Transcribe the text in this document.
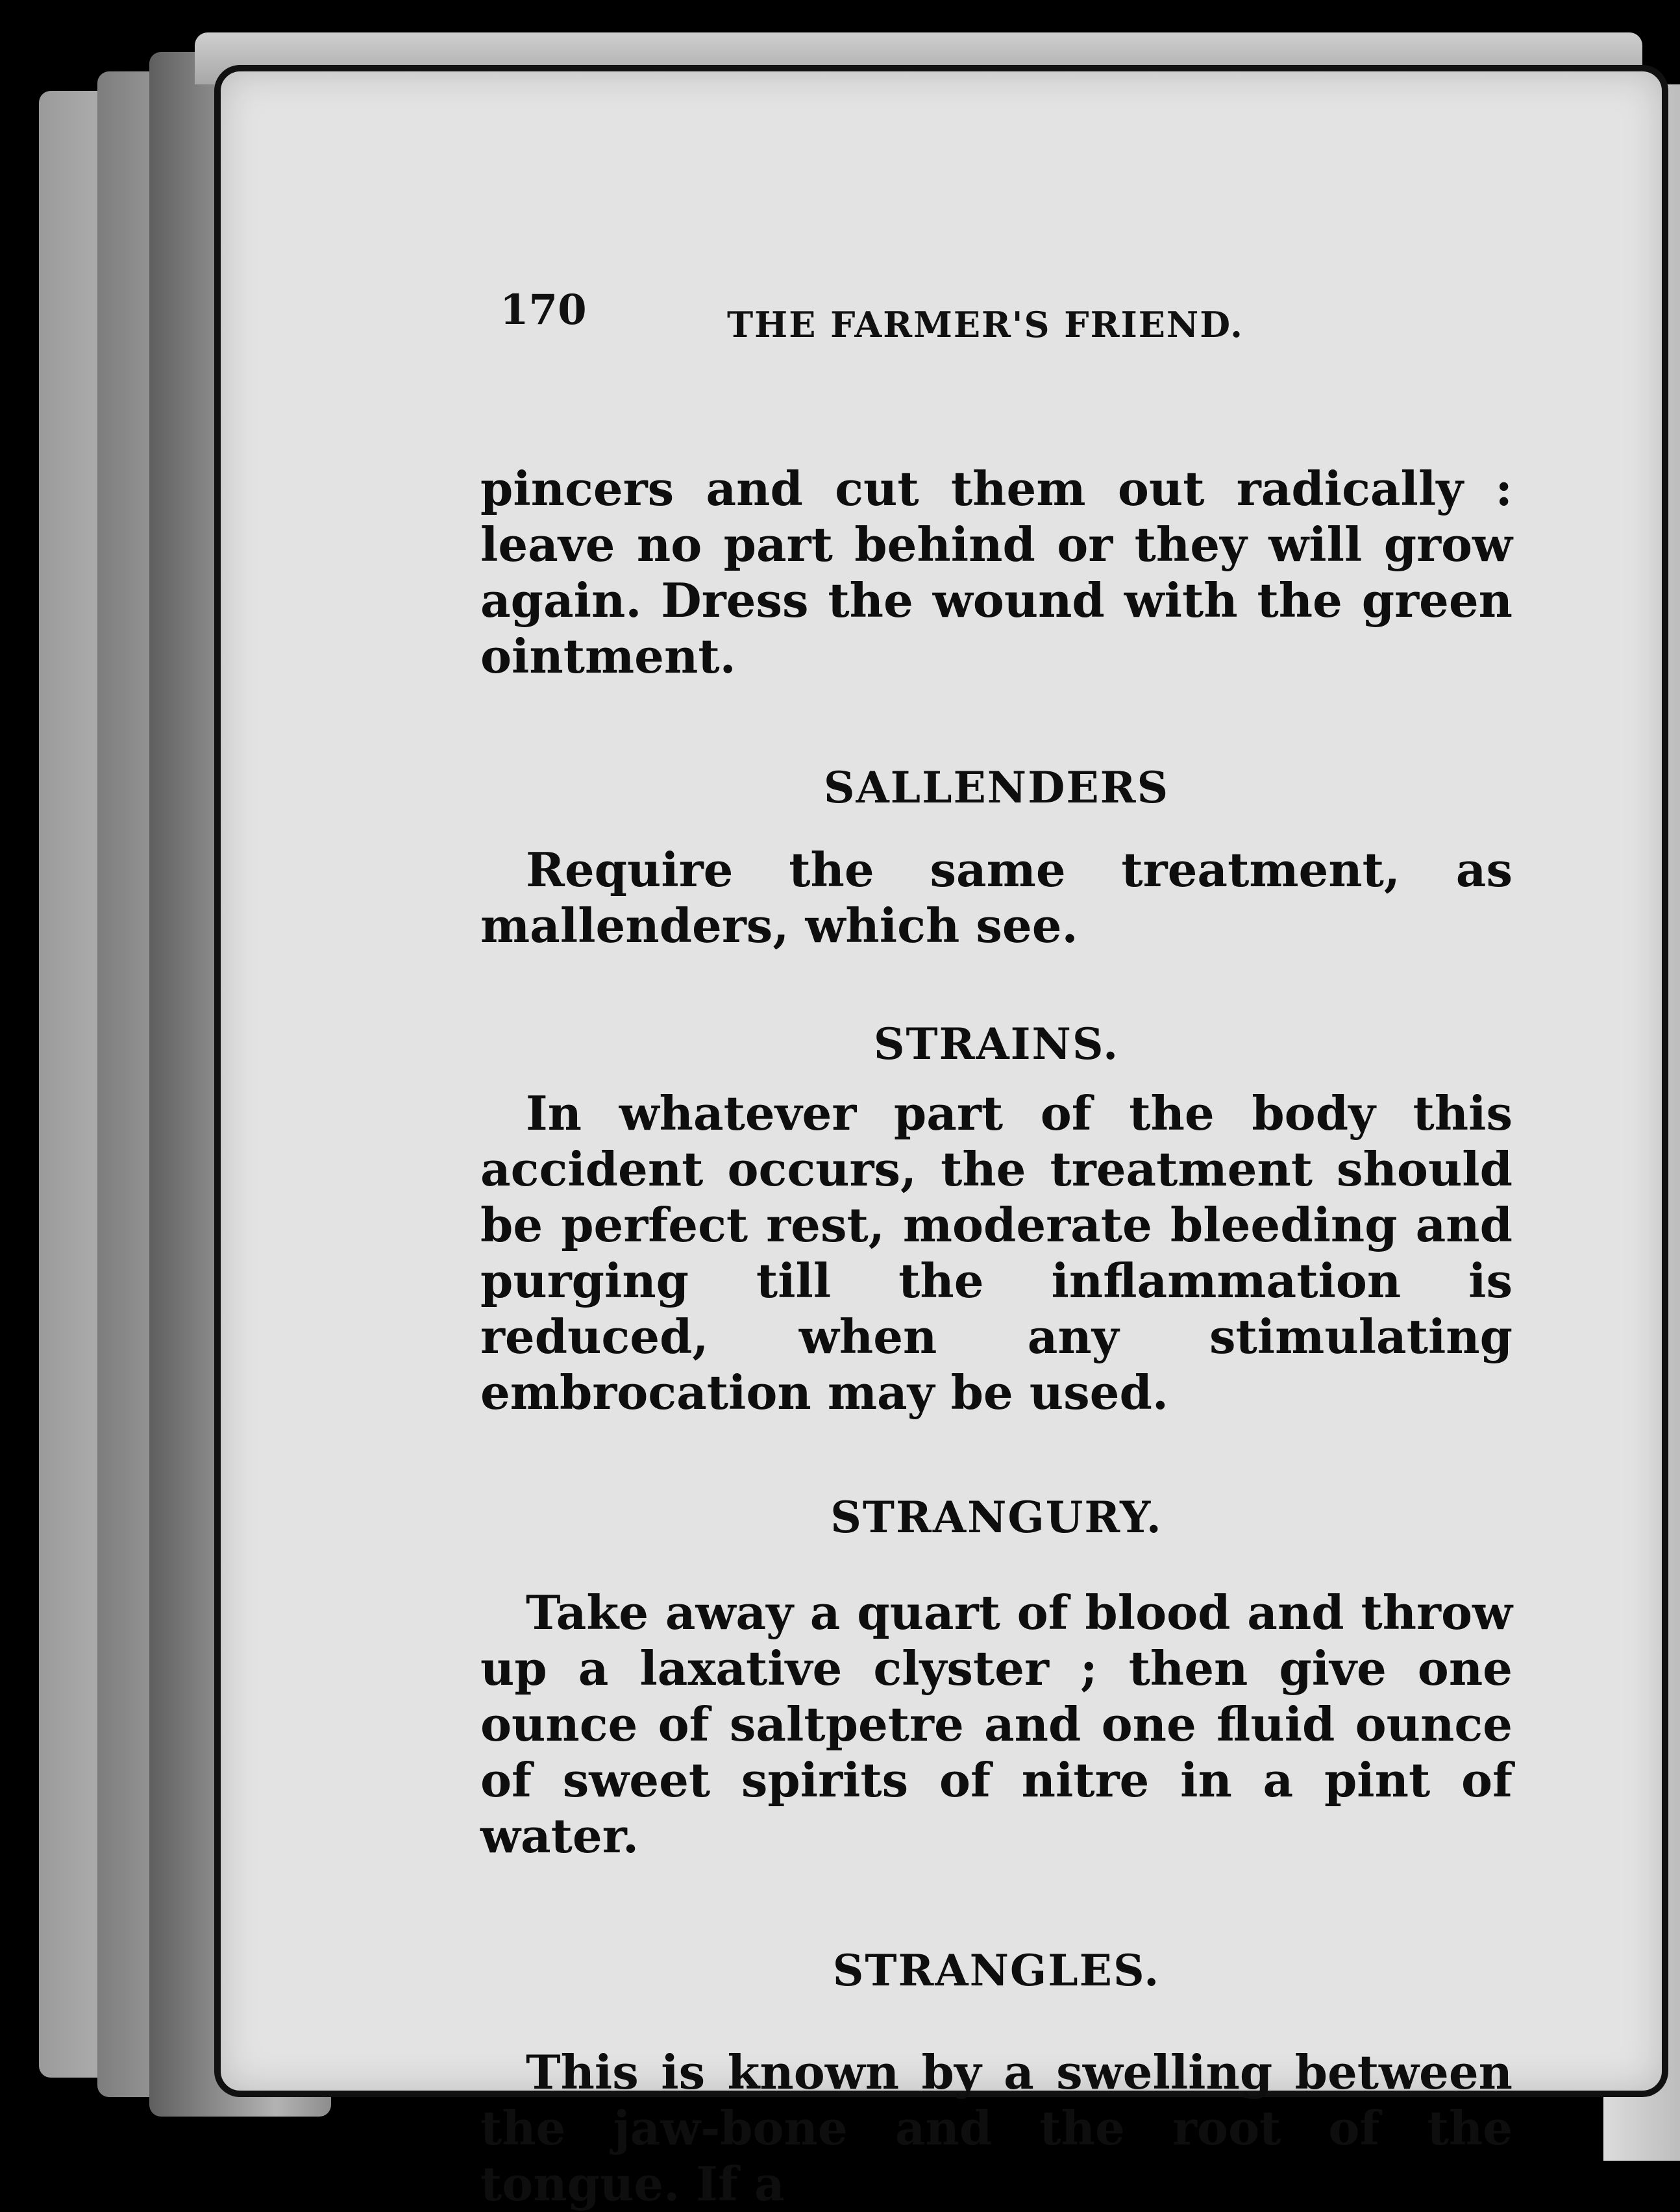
170	THE FARMER'S FRIEND.

pincers and cut them out radically : leave no part behind or they will grow again. Dress the wound with the green ointment.

SALLENDERS

Require the same treatment, as mallenders, which see.

STRAINS.

In whatever part of the body this accident occurs, the treatment should be perfect rest, moderate bleeding and purging till the inflammation is reduced, when any stimulating embrocation may be used.

STRANGURY.

Take away a quart of blood and throw up a laxative clyster ; then give one ounce of saltpetre and one fluid ounce of sweet spirits of nitre in a pint of water.

STRANGLES.

This is known by a swelling between the jaw-bone and the root of the tongue. If a
